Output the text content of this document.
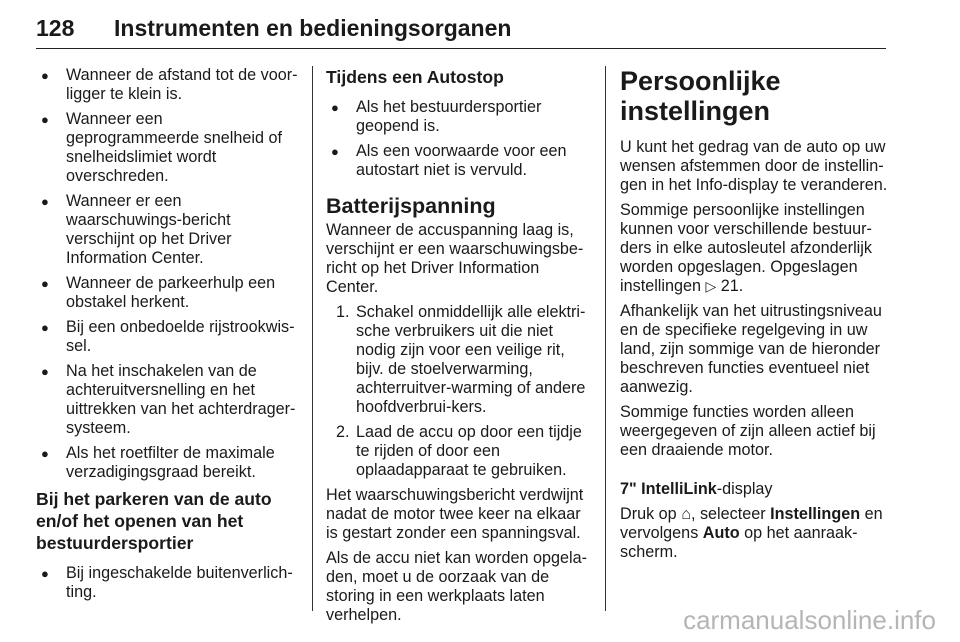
128 Instrumenten en bedieningsorganen
● Wanneer de afstand tot de voor-ligger te klein is.
● Wanneer een geprogrammeerde snelheid of snelheidslimiet wordt overschreden.
● Wanneer er een waarschuwings-bericht verschijnt op het Driver Information Center.
● Wanneer de parkeerhulp een obstakel herkent.
● Bij een onbedoelde rijstrookwis-sel.
● Na het inschakelen van de achteruitversnelling en het uittrekken van het achterdrager-systeem.
● Als het roetfilter de maximale verzadigingsgraad bereikt.
Bij het parkeren van de auto en/of het openen van het bestuurdersportier
● Bij ingeschakelde buitenverlich-ting.
Tijdens een Autostop
● Als het bestuurdersportier geopend is.
● Als een voorwaarde voor een autostart niet is vervuld.
Batterijspanning

Wanneer de accuspanning laag is, verschijnt er een waarschuwingsbe-richt op het Driver Information Center.

1. Schakel onmiddellijk alle elektri-sche verbruikers uit die niet nodig zijn voor een veilige rit, bijv. de stoelverwarming, achterruitver-warming of andere hoofdverbrui-kers.
2. Laad de accu op door een tijdje te rijden of door een oplaadapparaat te gebruiken.

Het waarschuwingsbericht verdwijnt nadat de motor twee keer na elkaar is gestart zonder een spanningsval.

Als de accu niet kan worden opgela-den, moet u de oorzaak van de storing in een werkplaats laten verhelpen.

Persoonlijke instellingen

U kunt het gedrag van de auto op uw wensen afstemmen door de instellin-gen in het Info-display te veranderen.

Sommige persoonlijke instellingen kunnen voor verschillende bestuur-ders in elke autosleutel afzonderlijk worden opgeslagen. Opgeslagen instellingen ▷ 21.

Afhankelijk van het uitrustingsniveau en de specifieke regelgeving in uw land, zijn sommige van de hieronder beschreven functies eventueel niet aanwezig.

Sommige functies worden alleen weergegeven of zijn alleen actief bij een draaiende motor.

7" IntelliLink-display

Druk op ⌂, selecteer Instellingen en vervolgens Auto op het aanraak-scherm.

carmanualsonline.info
